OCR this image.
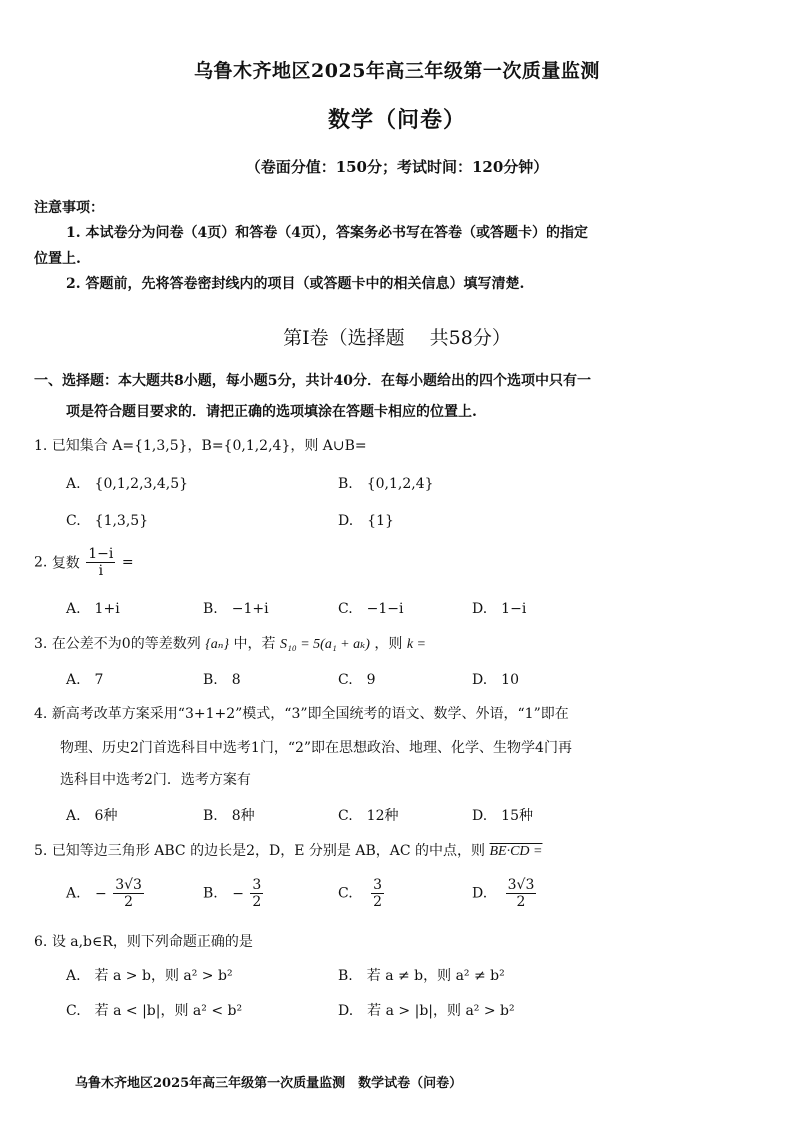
乌鲁木齐地区2025年高三年级第一次质量监测
数学（问卷）
（卷面分值：150分；考试时间：120分钟）
注意事项：
1. 本试卷分为问卷（4页）和答卷（4页），答案务必书写在答卷（或答题卡）的指定
位置上.
2. 答题前，先将答卷密封线内的项目（或答题卡中的相关信息）填写清楚.
第Ⅰ卷（选择题　 共58分）
一、选择题：本大题共8小题，每小题5分，共计40分．在每小题给出的四个选项中只有一
项是符合题目要求的．请把正确的选项填涂在答题卡相应的位置上.
1. 已知集合 A={1,3,5}，B={0,1,2,4}，则 A∪B=
A.　{0,1,2,3,4,5}	B.　{0,1,2,4}
C.　{1,3,5}	D.　{1}
2. 复数 $\frac{1-i}{i}$ =
A.　1+i	B.　−1+i	C.　−1−i	D.　1−i
3. 在公差不为0的等差数列 {aₙ} 中，若 S₁₀ = 5(a₁ + aₖ) ，则 k =
A.　7	B.　8	C.　9	D.　10
4. 新高考改革方案采用“3+1+2”模式，“3”即全国统考的语文、数学、外语，“1”即在
物理、历史2门首选科目中选考1门，“2”即在思想政治、地理、化学、生物学4门再
选科目中选考2门．选考方案有
A.　6种	B.　8种	C.　12种	D.　15种
5. 已知等边三角形 ABC 的边长是2，D，E 分别是 AB，AC 的中点，则 BE·CD =
A. − $\frac{3√3}{2}$	B. − $\frac{3}{2}$	C. $\frac{3}{2}$	D. $\frac{3√3}{2}$
6. 设 a,b∈R，则下列命题正确的是
A.　若 a > b，则 a² > b²	B.　若 a ≠ b，则 a² ≠ b²
C.　若 a < |b|，则 a² < b²	D.　若 a > |b|，则 a² > b²
乌鲁木齐地区2025年高三年级第一次质量监测　数学试卷（问卷）
